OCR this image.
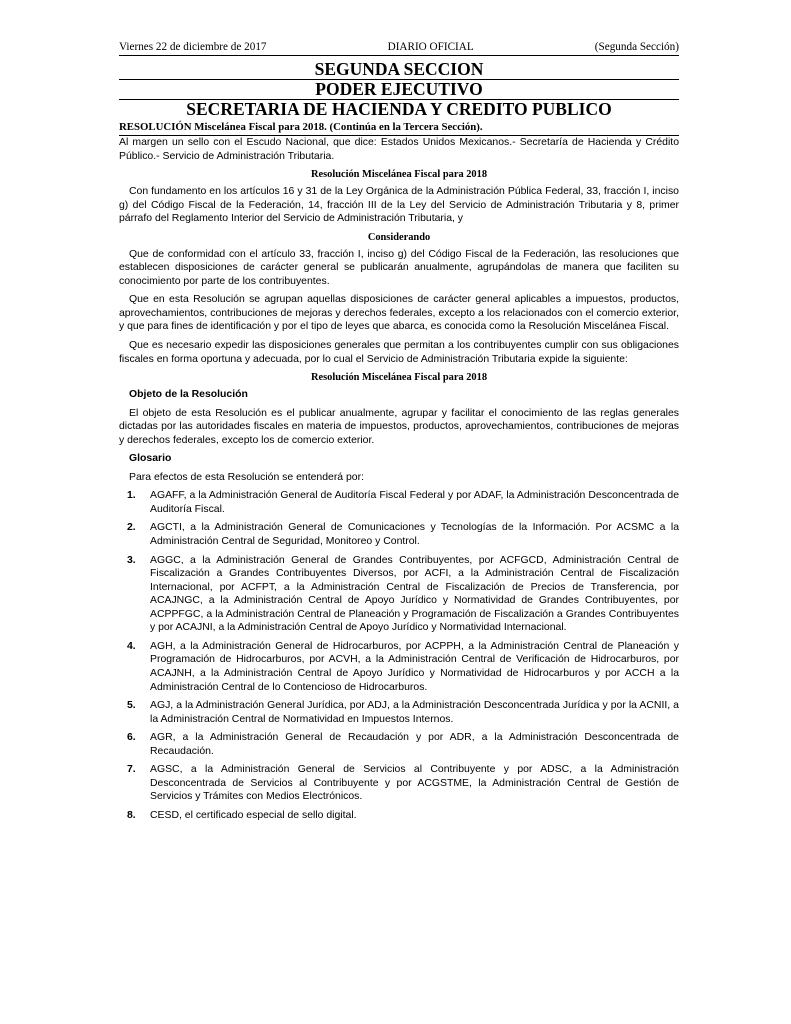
Viernes 22 de diciembre de 2017	DIARIO OFICIAL	(Segunda Sección)
SEGUNDA SECCION
PODER EJECUTIVO
SECRETARIA DE HACIENDA Y CREDITO PUBLICO
RESOLUCIÓN Miscelánea Fiscal para 2018. (Continúa en la Tercera Sección).

Al margen un sello con el Escudo Nacional, que dice: Estados Unidos Mexicanos.- Secretaría de Hacienda y Crédito Público.- Servicio de Administración Tributaria.

Resolución Miscelánea Fiscal para 2018

Con fundamento en los artículos 16 y 31 de la Ley Orgánica de la Administración Pública Federal, 33, fracción I, inciso g) del Código Fiscal de la Federación, 14, fracción III de la Ley del Servicio de Administración Tributaria y 8, primer párrafo del Reglamento Interior del Servicio de Administración Tributaria, y

Considerando

Que de conformidad con el artículo 33, fracción I, inciso g) del Código Fiscal de la Federación, las resoluciones que establecen disposiciones de carácter general se publicarán anualmente, agrupándolas de manera que faciliten su conocimiento por parte de los contribuyentes.

Que en esta Resolución se agrupan aquellas disposiciones de carácter general aplicables a impuestos, productos, aprovechamientos, contribuciones de mejoras y derechos federales, excepto a los relacionados con el comercio exterior, y que para fines de identificación y por el tipo de leyes que abarca, es conocida como la Resolución Miscelánea Fiscal.

Que es necesario expedir las disposiciones generales que permitan a los contribuyentes cumplir con sus obligaciones fiscales en forma oportuna y adecuada, por lo cual el Servicio de Administración Tributaria expide la siguiente:

Resolución Miscelánea Fiscal para 2018
Objeto de la Resolución

El objeto de esta Resolución es el publicar anualmente, agrupar y facilitar el conocimiento de las reglas generales dictadas por las autoridades fiscales en materia de impuestos, productos, aprovechamientos, contribuciones de mejoras y derechos federales, excepto los de comercio exterior.

Glosario

Para efectos de esta Resolución se entenderá por:

1.	AGAFF, a la Administración General de Auditoría Fiscal Federal y por ADAF, la Administración Desconcentrada de Auditoría Fiscal.
2.	AGCTI, a la Administración General de Comunicaciones y Tecnologías de la Información. Por ACSMC a la Administración Central de Seguridad, Monitoreo y Control.
3.	AGGC, a la Administración General de Grandes Contribuyentes, por ACFGCD, Administración Central de Fiscalización a Grandes Contribuyentes Diversos, por ACFI, a la Administración Central de Fiscalización Internacional, por ACFPT, a la Administración Central de Fiscalización de Precios de Transferencia, por ACAJNGC, a la Administración Central de Apoyo Jurídico y Normatividad de Grandes Contribuyentes, por ACPPFGC, a la Administración Central de Planeación y Programación de Fiscalización a Grandes Contribuyentes y por ACAJNI, a la Administración Central de Apoyo Jurídico y Normatividad Internacional.
4.	AGH, a la Administración General de Hidrocarburos, por ACPPH, a la Administración Central de Planeación y Programación de Hidrocarburos, por ACVH, a la Administración Central de Verificación de Hidrocarburos, por ACAJNH, a la Administración Central de Apoyo Jurídico y Normatividad de Hidrocarburos y por ACCH a la Administración Central de lo Contencioso de Hidrocarburos.
5.	AGJ, a la Administración General Jurídica, por ADJ, a la Administración Desconcentrada Jurídica y por la ACNII, a la Administración Central de Normatividad en Impuestos Internos.
6.	AGR, a la Administración General de Recaudación y por ADR, a la Administración Desconcentrada de Recaudación.
7.	AGSC, a la Administración General de Servicios al Contribuyente y por ADSC, a la Administración Desconcentrada de Servicios al Contribuyente y por ACGSTME, la Administración Central de Gestión de Servicios y Trámites con Medios Electrónicos.
8.	CESD, el certificado especial de sello digital.
